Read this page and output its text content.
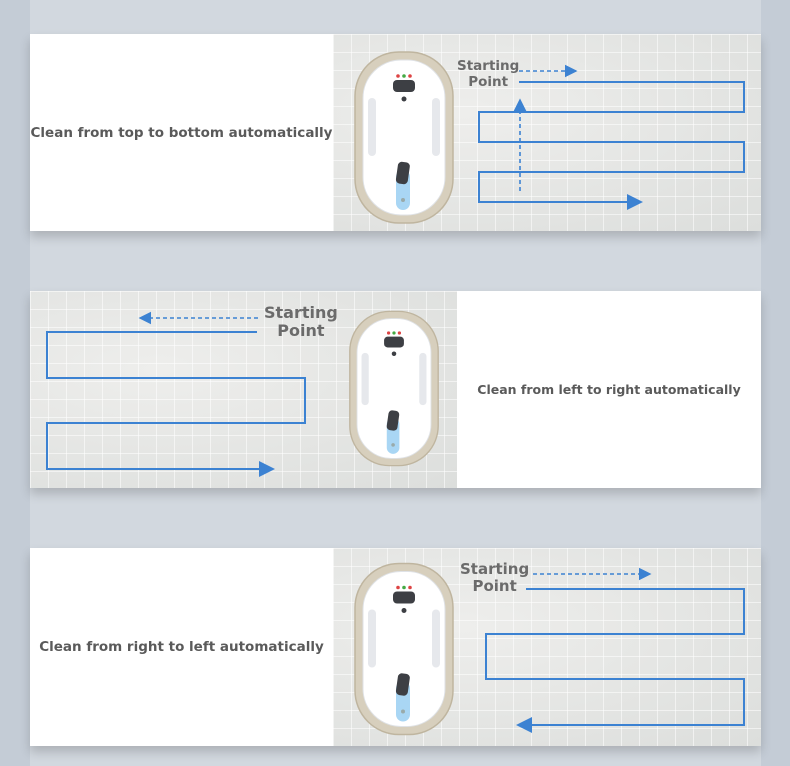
Clean from top to bottom automatically
Starting
Point
Starting
Point
Clean from left to right automatically
Clean from right to left automatically
Starting
Point
